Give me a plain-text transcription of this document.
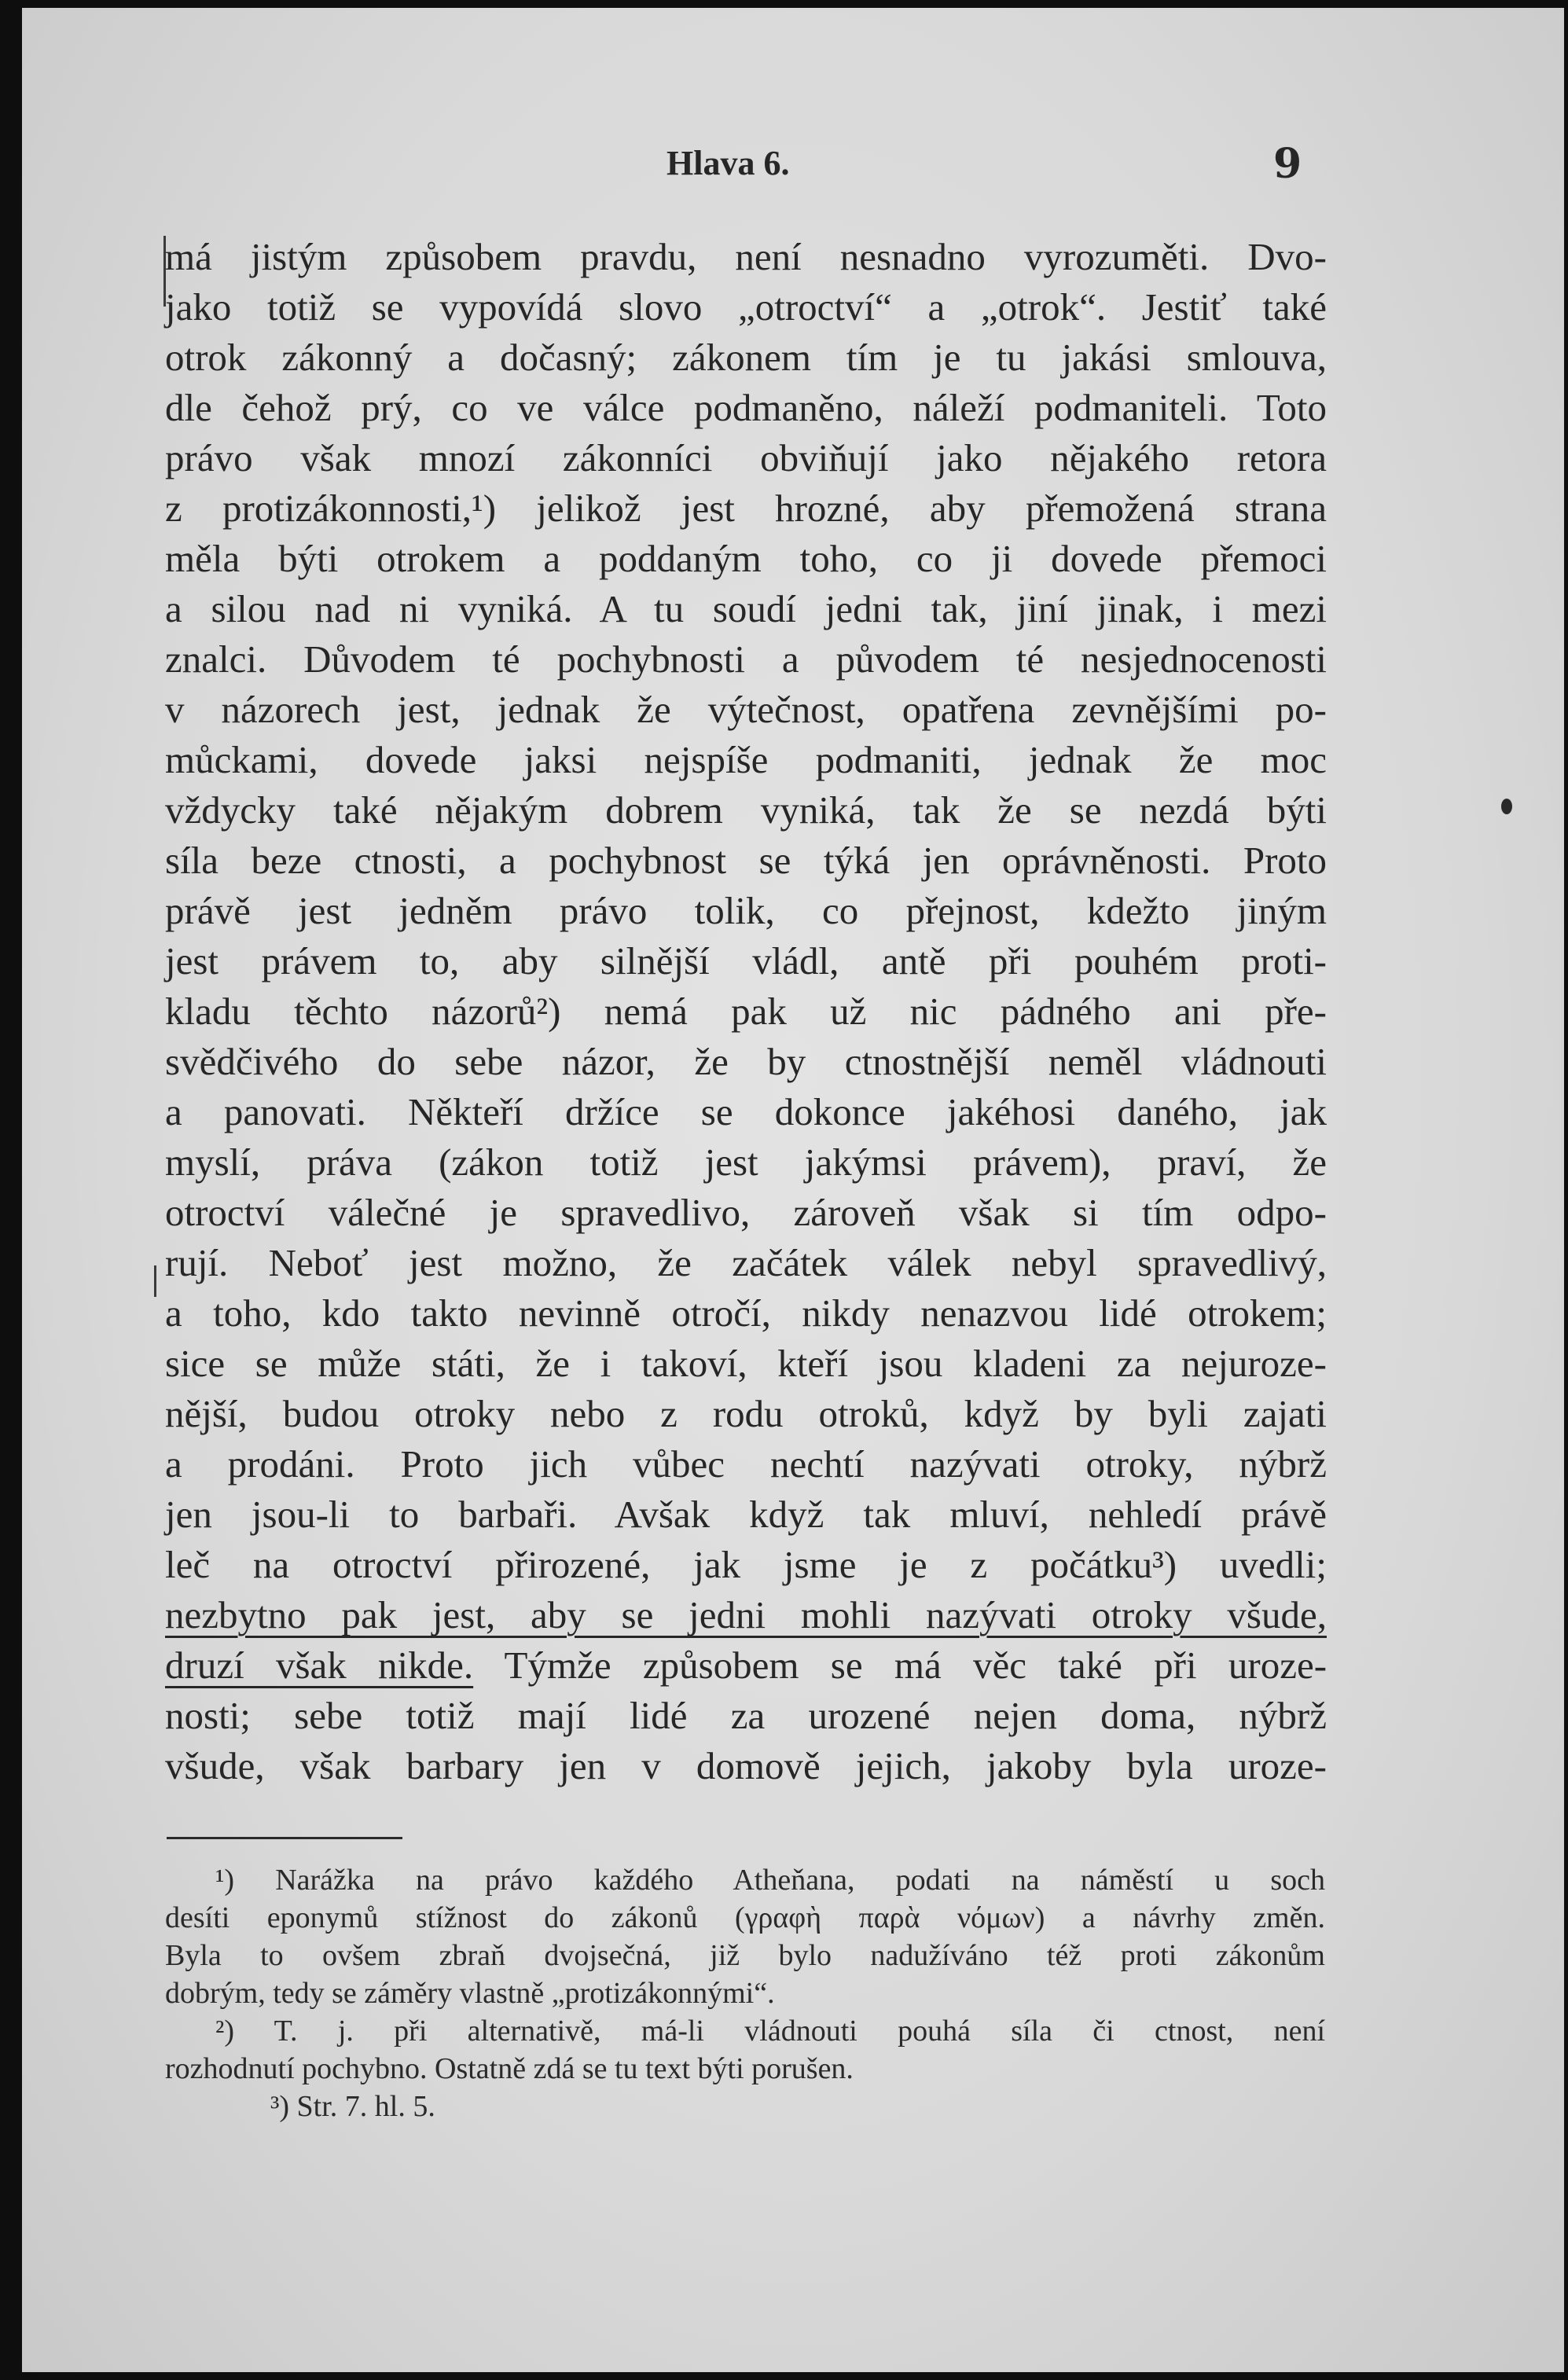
Hlava 6.	9
má jistým způsobem pravdu, není nesnadno vyrozuměti. Dvo-
jako totiž se vypovídá slovo „otroctví“ a „otrok“. Jestiť také
otrok zákonný a dočasný; zákonem tím je tu jakási smlouva,
dle čehož prý, co ve válce podmaněno, náleží podmaniteli. Toto
právo však mnozí zákonníci obviňují jako nějakého retora
z protizákonnosti,¹) jelikož jest hrozné, aby přemožená strana
měla býti otrokem a poddaným toho, co ji dovede přemoci
a silou nad ni vyniká. A tu soudí jedni tak, jiní jinak, i mezi
znalci. Důvodem té pochybnosti a původem té nesjednocenosti
v názorech jest, jednak že výtečnost, opatřena zevnějšími po-
můckami, dovede jaksi nejspíše podmaniti, jednak že moc
vždycky také nějakým dobrem vyniká, tak že se nezdá býti
síla beze ctnosti, a pochybnost se týká jen oprávněnosti. Proto
právě jest jedněm právo tolik, co přejnost, kdežto jiným
jest právem to, aby silnější vládl, antě při pouhém proti-
kladu těchto názorů²) nemá pak už nic pádného ani pře-
svědčivého do sebe názor, že by ctnostnější neměl vládnouti
a panovati. Někteří držíce se dokonce jakéhosi daného, jak
myslí, práva (zákon totiž jest jakýmsi právem), praví, že
otroctví válečné je spravedlivo, zároveň však si tím odpo-
rují. Neboť jest možno, že začátek válek nebyl spravedlivý,
a toho, kdo takto nevinně otročí, nikdy nenazvou lidé otrokem;
sice se může státi, že i takoví, kteří jsou kladeni za nejuroze-
nější, budou otroky nebo z rodu otroků, když by byli zajati
a prodáni. Proto jich vůbec nechtí nazývati otroky, nýbrž
jen jsou-li to barbaři. Avšak když tak mluví, nehledí právě
leč na otroctví přirozené, jak jsme je z počátku³) uvedli;
nezbytno pak jest, aby se jedni mohli nazývati otroky všude,
druzí však nikde. Týmže způsobem se má věc také při uroze-
nosti; sebe totiž mají lidé za urozené nejen doma, nýbrž
všude, však barbary jen v domově jejich, jakoby byla uroze-
¹) Narážka na právo každého Atheňana, podati na náměstí u soch
desíti eponymů stížnost do zákonů (γραφὴ παρὰ νόμων) a návrhy změn.
Byla to ovšem zbraň dvojsečná, již bylo nadužíváno též proti zákonům
dobrým, tedy se záměry vlastně „protizákonnými“.
²) T. j. při alternativě, má-li vládnouti pouhá síla či ctnost, není
rozhodnutí pochybno. Ostatně zdá se tu text býti porušen.
³) Str. 7. hl. 5.
